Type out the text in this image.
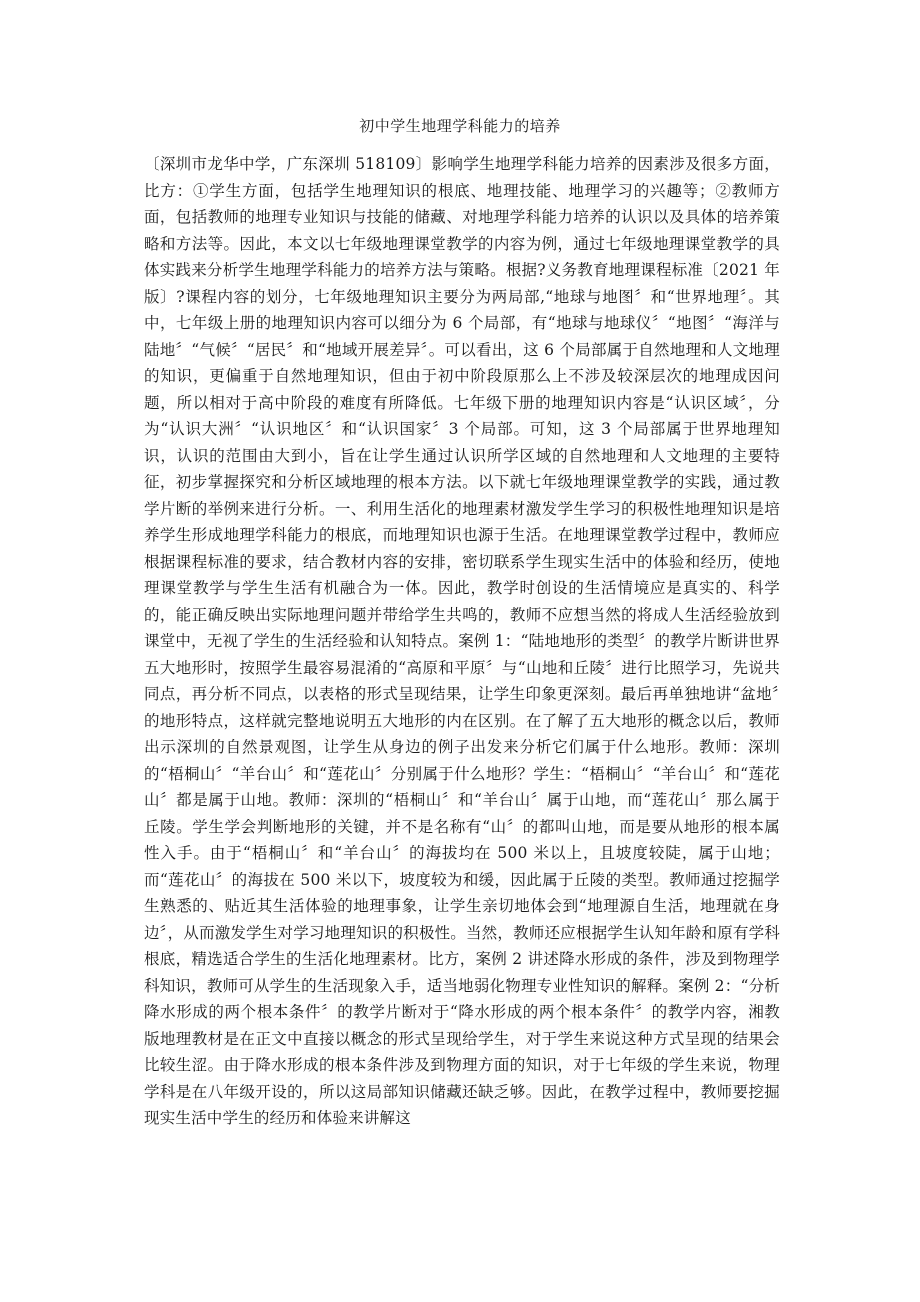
初中学生地理学科能力的培养

〔深圳市龙华中学，广东深圳 518109〕影响学生地理学科能力培养的因素涉及很多方面，比方：①学生方面，包括学生地理知识的根底、地理技能、地理学习的兴趣等；②教师方面，包括教师的地理专业知识与技能的储藏、对地理学科能力培养的认识以及具体的培养策略和方法等。因此，本文以七年级地理课堂教学的内容为例，通过七年级地理课堂教学的具体实践来分析学生地理学科能力的培养方法与策略。根据?义务教育地理课程标准〔2021 年版〕?课程内容的划分，七年级地理知识主要分为两局部,“地球与地图〞和“世界地理〞。其中，七年级上册的地理知识内容可以细分为 6 个局部，有“地球与地球仪〞“地图〞“海洋与陆地〞“气候〞“居民〞和“地域开展差异〞。可以看出，这 6 个局部属于自然地理和人文地理的知识，更偏重于自然地理知识，但由于初中阶段原那么上不涉及较深层次的地理成因问题，所以相对于高中阶段的难度有所降低。七年级下册的地理知识内容是“认识区域〞，分为“认识大洲〞“认识地区〞和“认识国家〞3 个局部。可知，这 3 个局部属于世界地理知识，认识的范围由大到小，旨在让学生通过认识所学区域的自然地理和人文地理的主要特征，初步掌握探究和分析区域地理的根本方法。以下就七年级地理课堂教学的实践，通过教学片断的举例来进行分析。一、利用生活化的地理素材激发学生学习的积极性地理知识是培养学生形成地理学科能力的根底，而地理知识也源于生活。在地理课堂教学过程中，教师应根据课程标准的要求，结合教材内容的安排，密切联系学生现实生活中的体验和经历，使地理课堂教学与学生生活有机融合为一体。因此，教学时创设的生活情境应是真实的、科学的，能正确反映出实际地理问题并带给学生共鸣的，教师不应想当然的将成人生活经验放到课堂中，无视了学生的生活经验和认知特点。案例 1：“陆地地形的类型〞的教学片断讲世界五大地形时，按照学生最容易混淆的“高原和平原〞与“山地和丘陵〞进行比照学习，先说共同点，再分析不同点，以表格的形式呈现结果，让学生印象更深刻。最后再单独地讲“盆地〞的地形特点，这样就完整地说明五大地形的内在区别。在了解了五大地形的概念以后，教师出示深圳的自然景观图，让学生从身边的例子出发来分析它们属于什么地形。教师：深圳的“梧桐山〞“羊台山〞和“莲花山〞分别属于什么地形？学生：“梧桐山〞“羊台山〞和“莲花山〞都是属于山地。教师：深圳的“梧桐山〞和“羊台山〞属于山地，而“莲花山〞那么属于丘陵。学生学会判断地形的关键，并不是名称有“山〞的都叫山地，而是要从地形的根本属性入手。由于“梧桐山〞和“羊台山〞的海拔均在 500 米以上，且坡度较陡，属于山地；而“莲花山〞的海拔在 500 米以下，坡度较为和缓，因此属于丘陵的类型。教师通过挖掘学生熟悉的、贴近其生活体验的地理事象，让学生亲切地体会到“地理源自生活，地理就在身边〞，从而激发学生对学习地理知识的积极性。当然，教师还应根据学生认知年龄和原有学科根底，精选适合学生的生活化地理素材。比方，案例 2 讲述降水形成的条件，涉及到物理学科知识，教师可从学生的生活现象入手，适当地弱化物理专业性知识的解释。案例 2：“分析降水形成的两个根本条件〞的教学片断对于“降水形成的两个根本条件〞的教学内容，湘教版地理教材是在正文中直接以概念的形式呈现给学生，对于学生来说这种方式呈现的结果会比较生涩。由于降水形成的根本条件涉及到物理方面的知识，对于七年级的学生来说，物理学科是在八年级开设的，所以这局部知识储藏还缺乏够。因此，在教学过程中，教师要挖掘现实生活中学生的经历和体验来讲解这
